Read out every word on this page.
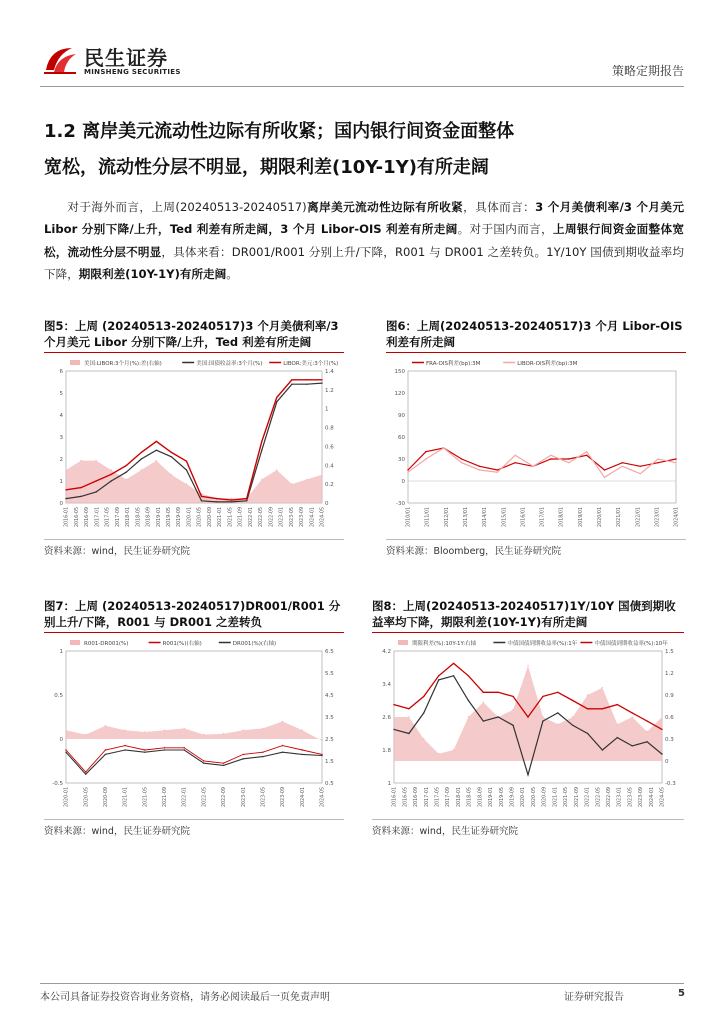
民生证券
MINSHENG SECURITIES	策略定期报告
1.2 离岸美元流动性边际有所收紧；国内银行间资金面整体
宽松，流动性分层不明显，期限利差(10Y-1Y)有所走阔
对于海外而言，上周(20240513-20240517)离岸美元流动性边际有所收紧，具体而言：3 个月美债利率/3 个月美元 Libor 分别下降/上升，Ted 利差有所走阔，3 个月 Libor-OIS 利差有所走阔。对于国内而言，上周银行间资金面整体宽松，流动性分层不明显，具体来看：DR001/R001 分别上升/下降，R001 与 DR001 之差转负。1Y/10Y 国债到期收益率均下降，期限利差(10Y-1Y)有所走阔。
图5：上周 (20240513-20240517)3 个月美债利率/3 个月美元 Libor 分别下降/上升，Ted 利差有所走阔
美国:LIBOR:3个月(%):差(右轴)	美国:国债收益率:3个月(%)	LIBOR:美元:3个月(%)
0
1
2
3
4
5
6
0
0.2
0.4
0.6
0.8
1
1.2
1.4
2016-01 2016-05 2016-09 2017-01 2017-05 2017-09 2018-01 2018-05 2018-09 2019-01 2019-05 2019-09 2020-01 2020-05 2020-09 2021-01 2021-05 2021-09 2022-01 2022-05 2022-09 2023-01 2023-05 2023-09 2024-01 2024-05
资料来源：wind，民生证券研究院
图6：上周(20240513-20240517)3 个月 Libor-OIS 利差有所走阔
FRA-OIS利差(bp):3M	LIBOR-OIS利差(bp):3M
-30
0
30
60
90
120
150
2010/01	2011/01	2012/01	2013/01	2014/01	2015/01	2016/01	2017/01	2018/01	2019/01	2020/01	2021/01	2022/01	2023/01	2024/01
资料来源：Bloomberg，民生证券研究院
图7：上周 (20240513-20240517)DR001/R001 分别上升/下降，R001 与 DR001 之差转负
R001-DR001(%)	R001(%)(右轴)	DR001(%)(右轴)
-0.5
0
0.5
1
0.5
1.5
2.5
3.5
4.5
5.5
6.5
2020-01	2020-05	2020-09	2021-01	2021-05	2021-09	2022-01	2022-05	2022-09	2023-01	2023-05	2023-09	2024-01	2024-05
资料来源：wind，民生证券研究院
图8：上周(20240513-20240517)1Y/10Y 国债到期收益率均下降，期限利差(10Y-1Y)有所走阔
期限利差(%):10Y-1Y:右轴	中债国债到期收益率(%):1年	中债国债到期收益率(%):10年
1
1.8
2.6
3.4
4.2
-0.3
0
0.3
0.6
0.9
1.2
1.5
2016-01 2016-05 2016-09 2017-01 2017-05 2017-09 2018-01 2018-05 2018-09 2019-01 2019-05 2019-09 2020-01 2020-05 2020-09 2021-01 2021-05 2021-09 2022-01 2022-05 2022-09 2023-01 2023-05 2023-09 2024-01 2024-05
资料来源：wind，民生证券研究院
本公司具备证券投资咨询业务资格，请务必阅读最后一页免责声明	证券研究报告	5
